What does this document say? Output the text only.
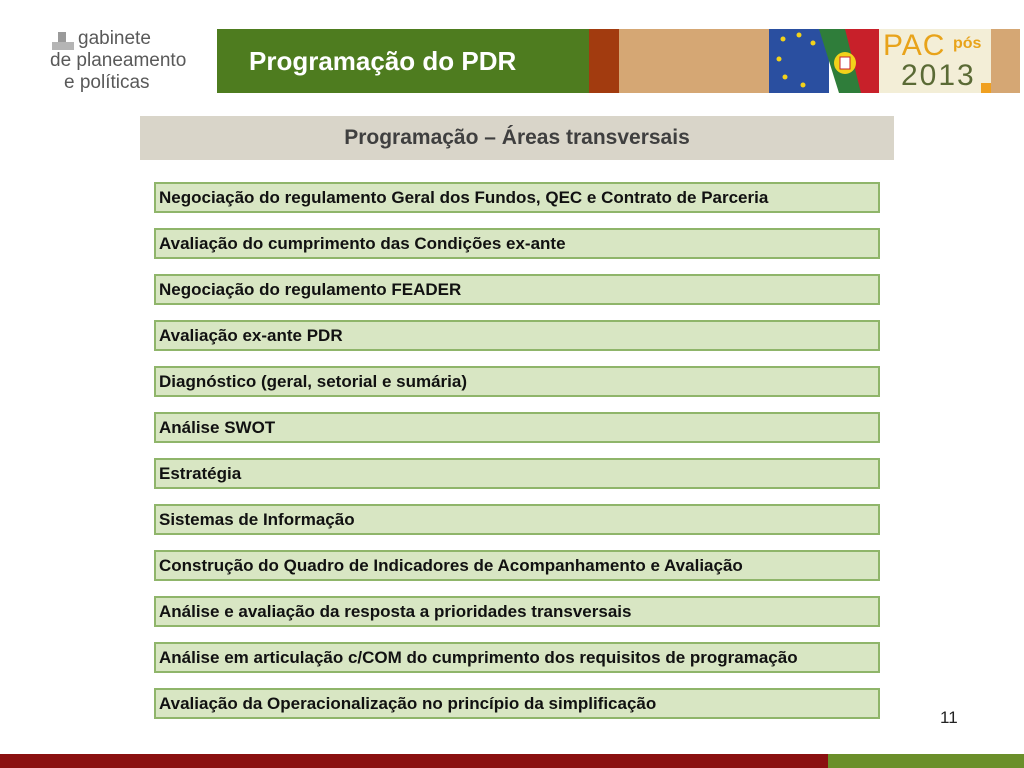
gabinete
de planeamento
e políticas
Programação do PDR	PAC pós
2013
Programação – Áreas transversais
Negociação do regulamento Geral dos Fundos, QEC e Contrato de Parceria
Avaliação do cumprimento das Condições ex-ante
Negociação do regulamento FEADER
Avaliação ex-ante PDR
Diagnóstico (geral, setorial e sumária)
Análise SWOT
Estratégia
Sistemas de Informação
Construção do Quadro de Indicadores de Acompanhamento e Avaliação
Análise e avaliação da resposta a prioridades transversais
Análise em articulação c/COM do cumprimento dos requisitos de programação
Avaliação da Operacionalização no princípio da simplificação
11
